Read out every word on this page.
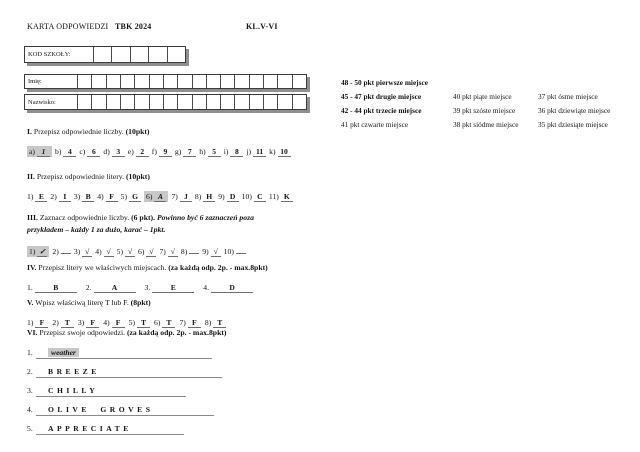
KARTA ODPOWIEDZI TBK 2024	KL.V-VI
KOD SZKOŁY:
Imię:
Nazwisko:
48 - 50 pkt pierwsze miejsce
45 - 47 pkt drugie miejsce	40 pkt piąte miejsce	37 pkt ósme miejsce
42 - 44 pkt trzecie miejsce	39 pkt szóste miejsce	36 pkt dziewiąte miejsce
41 pkt czwarte miejsce	38 pkt siódme miejsce	35 pkt dziesiąte miejsce

I. Przepisz odpowiednie liczby. (10pkt)

a) 1 b) 4 c) 6 d) 3 e) 2 f) 9 g) 7 h) 5 i) 8 j) 11 k) 10

II. Przepisz odpowiednie litery. (10pkt)

1) E 2) I 3) B 4) F 5) G 6) A 7) J 8) H 9) D 10) C 11) K

III. Zaznacz odpowiednie liczby. (6 pkt). Powinno być 6 zaznaczeń poza
przykładem – każdy 1 za dużo, karać – 1pkt.

1) ✓ 2) 3) √ 4) √ 5) √ 6) √ 7) √ 8) 9) √ 10)

IV. Przepisz litery we właściwych miejscach. (za każdą odp. 2p. - max.8pkt)

1.	B	2.	A	3.	E	4.	D

V. Wpisz właściwą literę T lub F. (8pkt)

1) F 2) T 3) F 4) F 5) T 6) T 7) F 8) T

VI. Przepisz swoje odpowiedzi. (za każdą odp. 2p. - max.8pkt)

1. weather
2. BREEZE
3. CHILLY
4. OLIVE GROVES
5. APPRECIATE
